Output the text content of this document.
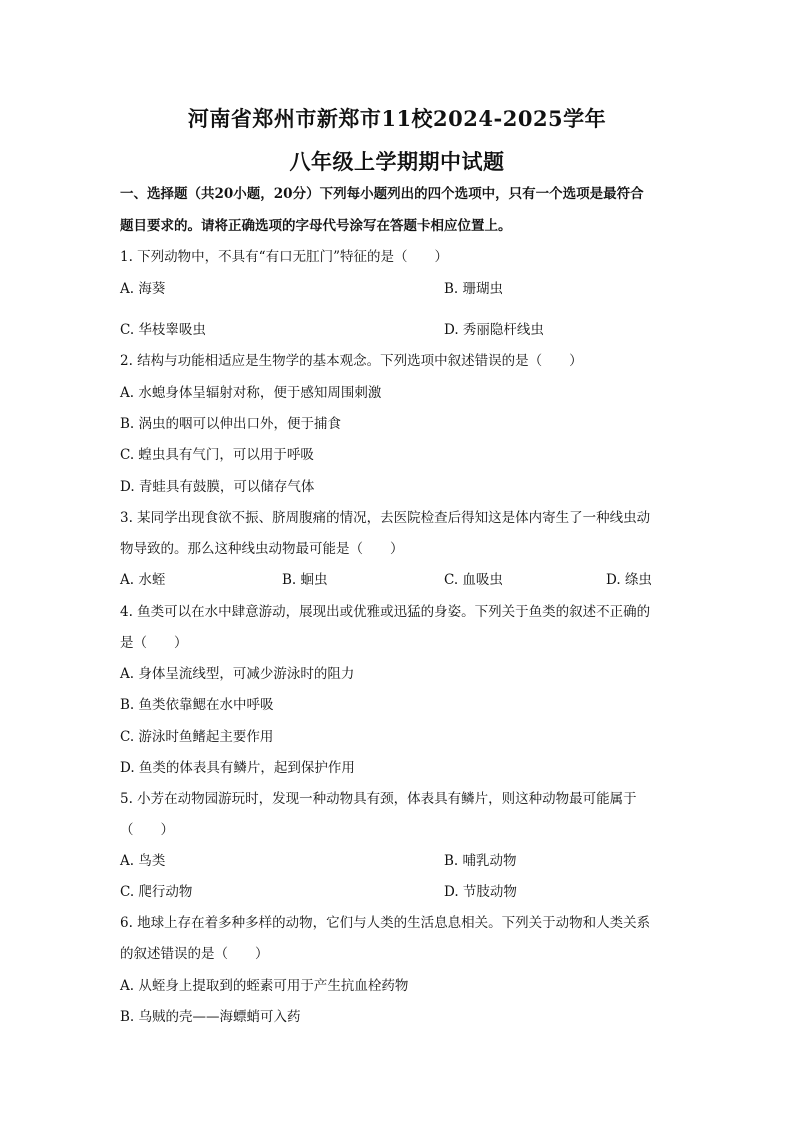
河南省郑州市新郑市11校2024-2025学年
八年级上学期期中试题
一、选择题（共20小题，20分）下列每小题列出的四个选项中，只有一个选项是最符合
题目要求的。请将正确选项的字母代号涂写在答题卡相应位置上。
1. 下列动物中，不具有“有口无肛门”特征的是（　　）
A. 海葵	B. 珊瑚虫
C. 华枝睾吸虫	D. 秀丽隐杆线虫
2. 结构与功能相适应是生物学的基本观念。下列选项中叙述错误的是（　　）
A. 水螅身体呈辐射对称，便于感知周围刺激
B. 涡虫的咽可以伸出口外，便于捕食
C. 蝗虫具有气门，可以用于呼吸
D. 青蛙具有鼓膜，可以储存气体
3. 某同学出现食欲不振、脐周腹痛的情况，去医院检查后得知这是体内寄生了一种线虫动
物导致的。那么这种线虫动物最可能是（　　）
A. 水蛭	B. 蛔虫	C. 血吸虫	D. 绦虫
4. 鱼类可以在水中肆意游动，展现出或优雅或迅猛的身姿。下列关于鱼类的叙述不正确的
是（　　）
A. 身体呈流线型，可减少游泳时的阻力
B. 鱼类依靠鳃在水中呼吸
C. 游泳时鱼鳍起主要作用
D. 鱼类的体表具有鳞片，起到保护作用
5. 小芳在动物园游玩时，发现一种动物具有颈，体表具有鳞片，则这种动物最可能属于
（　　）
A. 鸟类	B. 哺乳动物
C. 爬行动物	D. 节肢动物
6. 地球上存在着多种多样的动物，它们与人类的生活息息相关。下列关于动物和人类关系
的叙述错误的是（　　）
A. 从蛭身上提取到的蛭素可用于产生抗血栓药物
B. 乌贼的壳——海螵蛸可入药
